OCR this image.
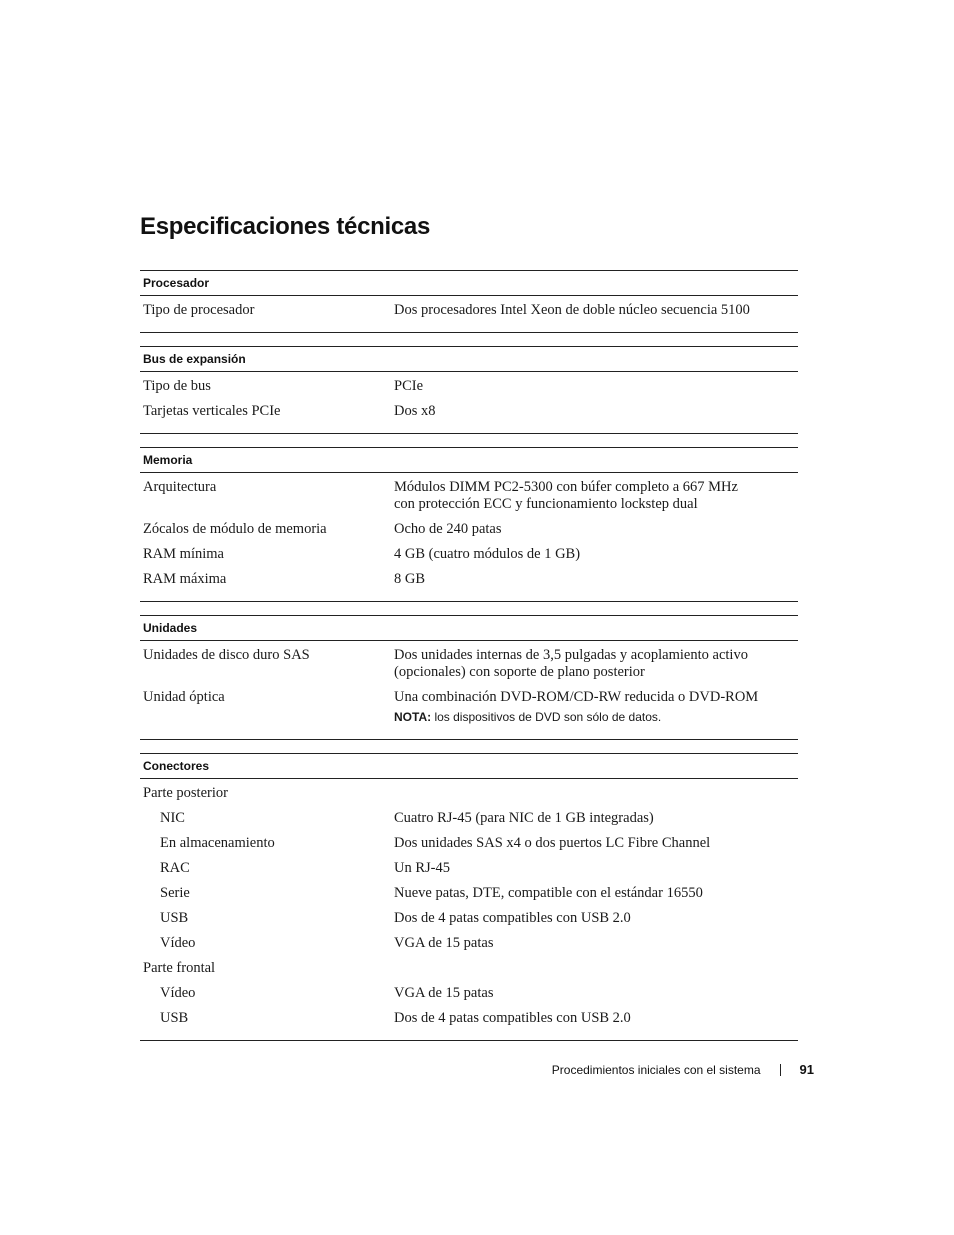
Especificaciones técnicas
Procesador
Tipo de procesador	Dos procesadores Intel Xeon de doble núcleo secuencia 5100
Bus de expansión
Tipo de bus	PCIe
Tarjetas verticales PCIe	Dos x8
Memoria
Arquitectura	Módulos DIMM PC2-5300 con búfer completo a 667 MHz
con protección ECC y funcionamiento lockstep dual
Zócalos de módulo de memoria	Ocho de 240 patas
RAM mínima	4 GB (cuatro módulos de 1 GB)
RAM máxima	8 GB
Unidades
Unidades de disco duro SAS	Dos unidades internas de 3,5 pulgadas y acoplamiento activo
(opcionales) con soporte de plano posterior
Unidad óptica	Una combinación DVD-ROM/CD-RW reducida o DVD-ROM
NOTA: los dispositivos de DVD son sólo de datos.
Conectores
Parte posterior
NIC	Cuatro RJ-45 (para NIC de 1 GB integradas)
En almacenamiento	Dos unidades SAS x4 o dos puertos LC Fibre Channel
RAC	Un RJ-45
Serie	Nueve patas, DTE, compatible con el estándar 16550
USB	Dos de 4 patas compatibles con USB 2.0
Vídeo	VGA de 15 patas
Parte frontal
Vídeo	VGA de 15 patas
USB	Dos de 4 patas compatibles con USB 2.0
Procedimientos iniciales con el sistema	91
